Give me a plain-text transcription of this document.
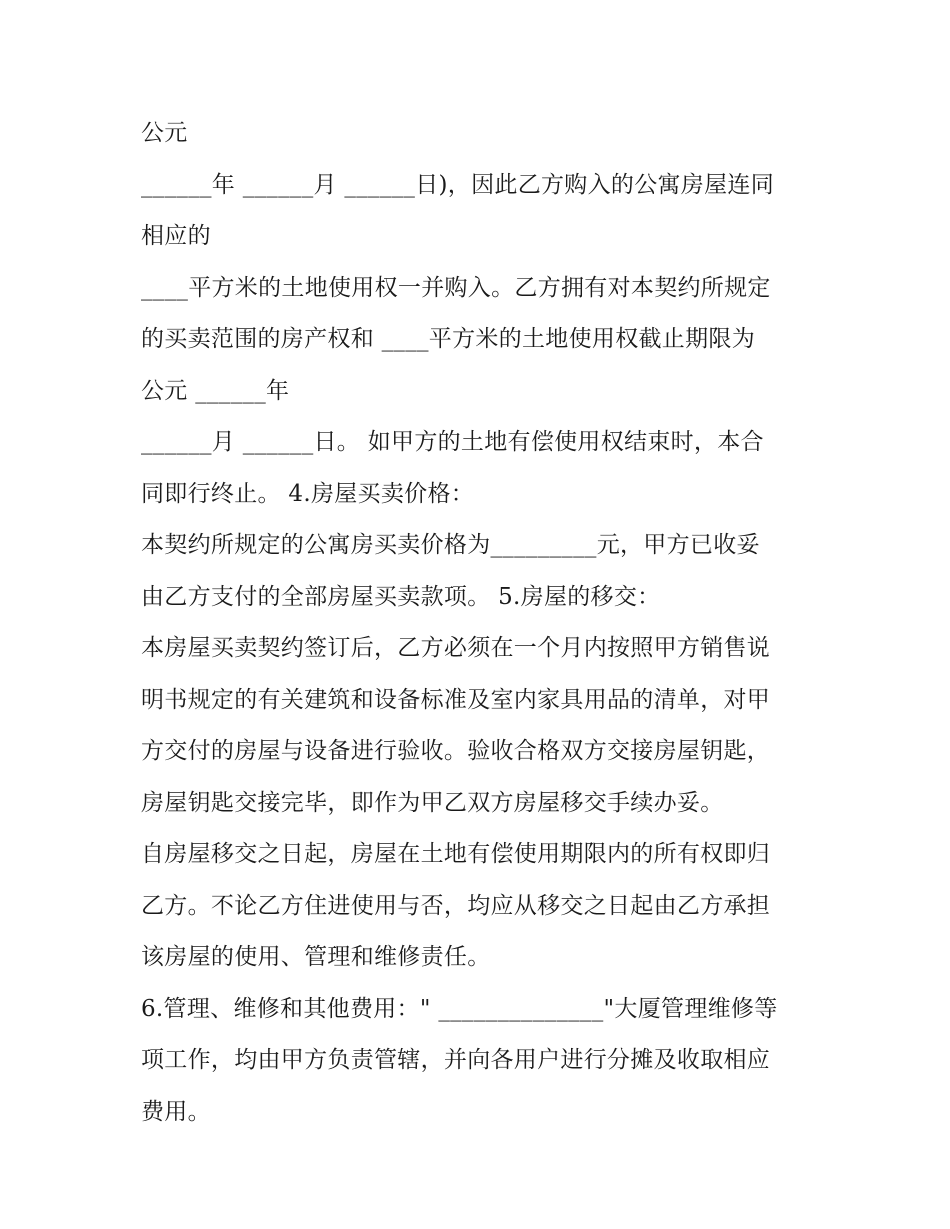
公元
______年 ______月 ______日)，因此乙方购入的公寓房屋连同
相应的
____平方米的土地使用权一并购入。乙方拥有对本契约所规定
的买卖范围的房产权和 ____平方米的土地使用权截止期限为
公元 ______年
______月 ______日。 如甲方的土地有偿使用权结束时，本合
同即行终止。 4.房屋买卖价格：
本契约所规定的公寓房买卖价格为_________元，甲方已收妥
由乙方支付的全部房屋买卖款项。 5.房屋的移交：
本房屋买卖契约签订后，乙方必须在一个月内按照甲方销售说
明书规定的有关建筑和设备标准及室内家具用品的清单，对甲
方交付的房屋与设备进行验收。验收合格双方交接房屋钥匙，
房屋钥匙交接完毕，即作为甲乙双方房屋移交手续办妥。
自房屋移交之日起，房屋在土地有偿使用期限内的所有权即归
乙方。不论乙方住进使用与否，均应从移交之日起由乙方承担
该房屋的使用、管理和维修责任。
6.管理、维修和其他费用：" ______________"大厦管理维修等
项工作，均由甲方负责管辖，并向各用户进行分摊及收取相应
费用。
